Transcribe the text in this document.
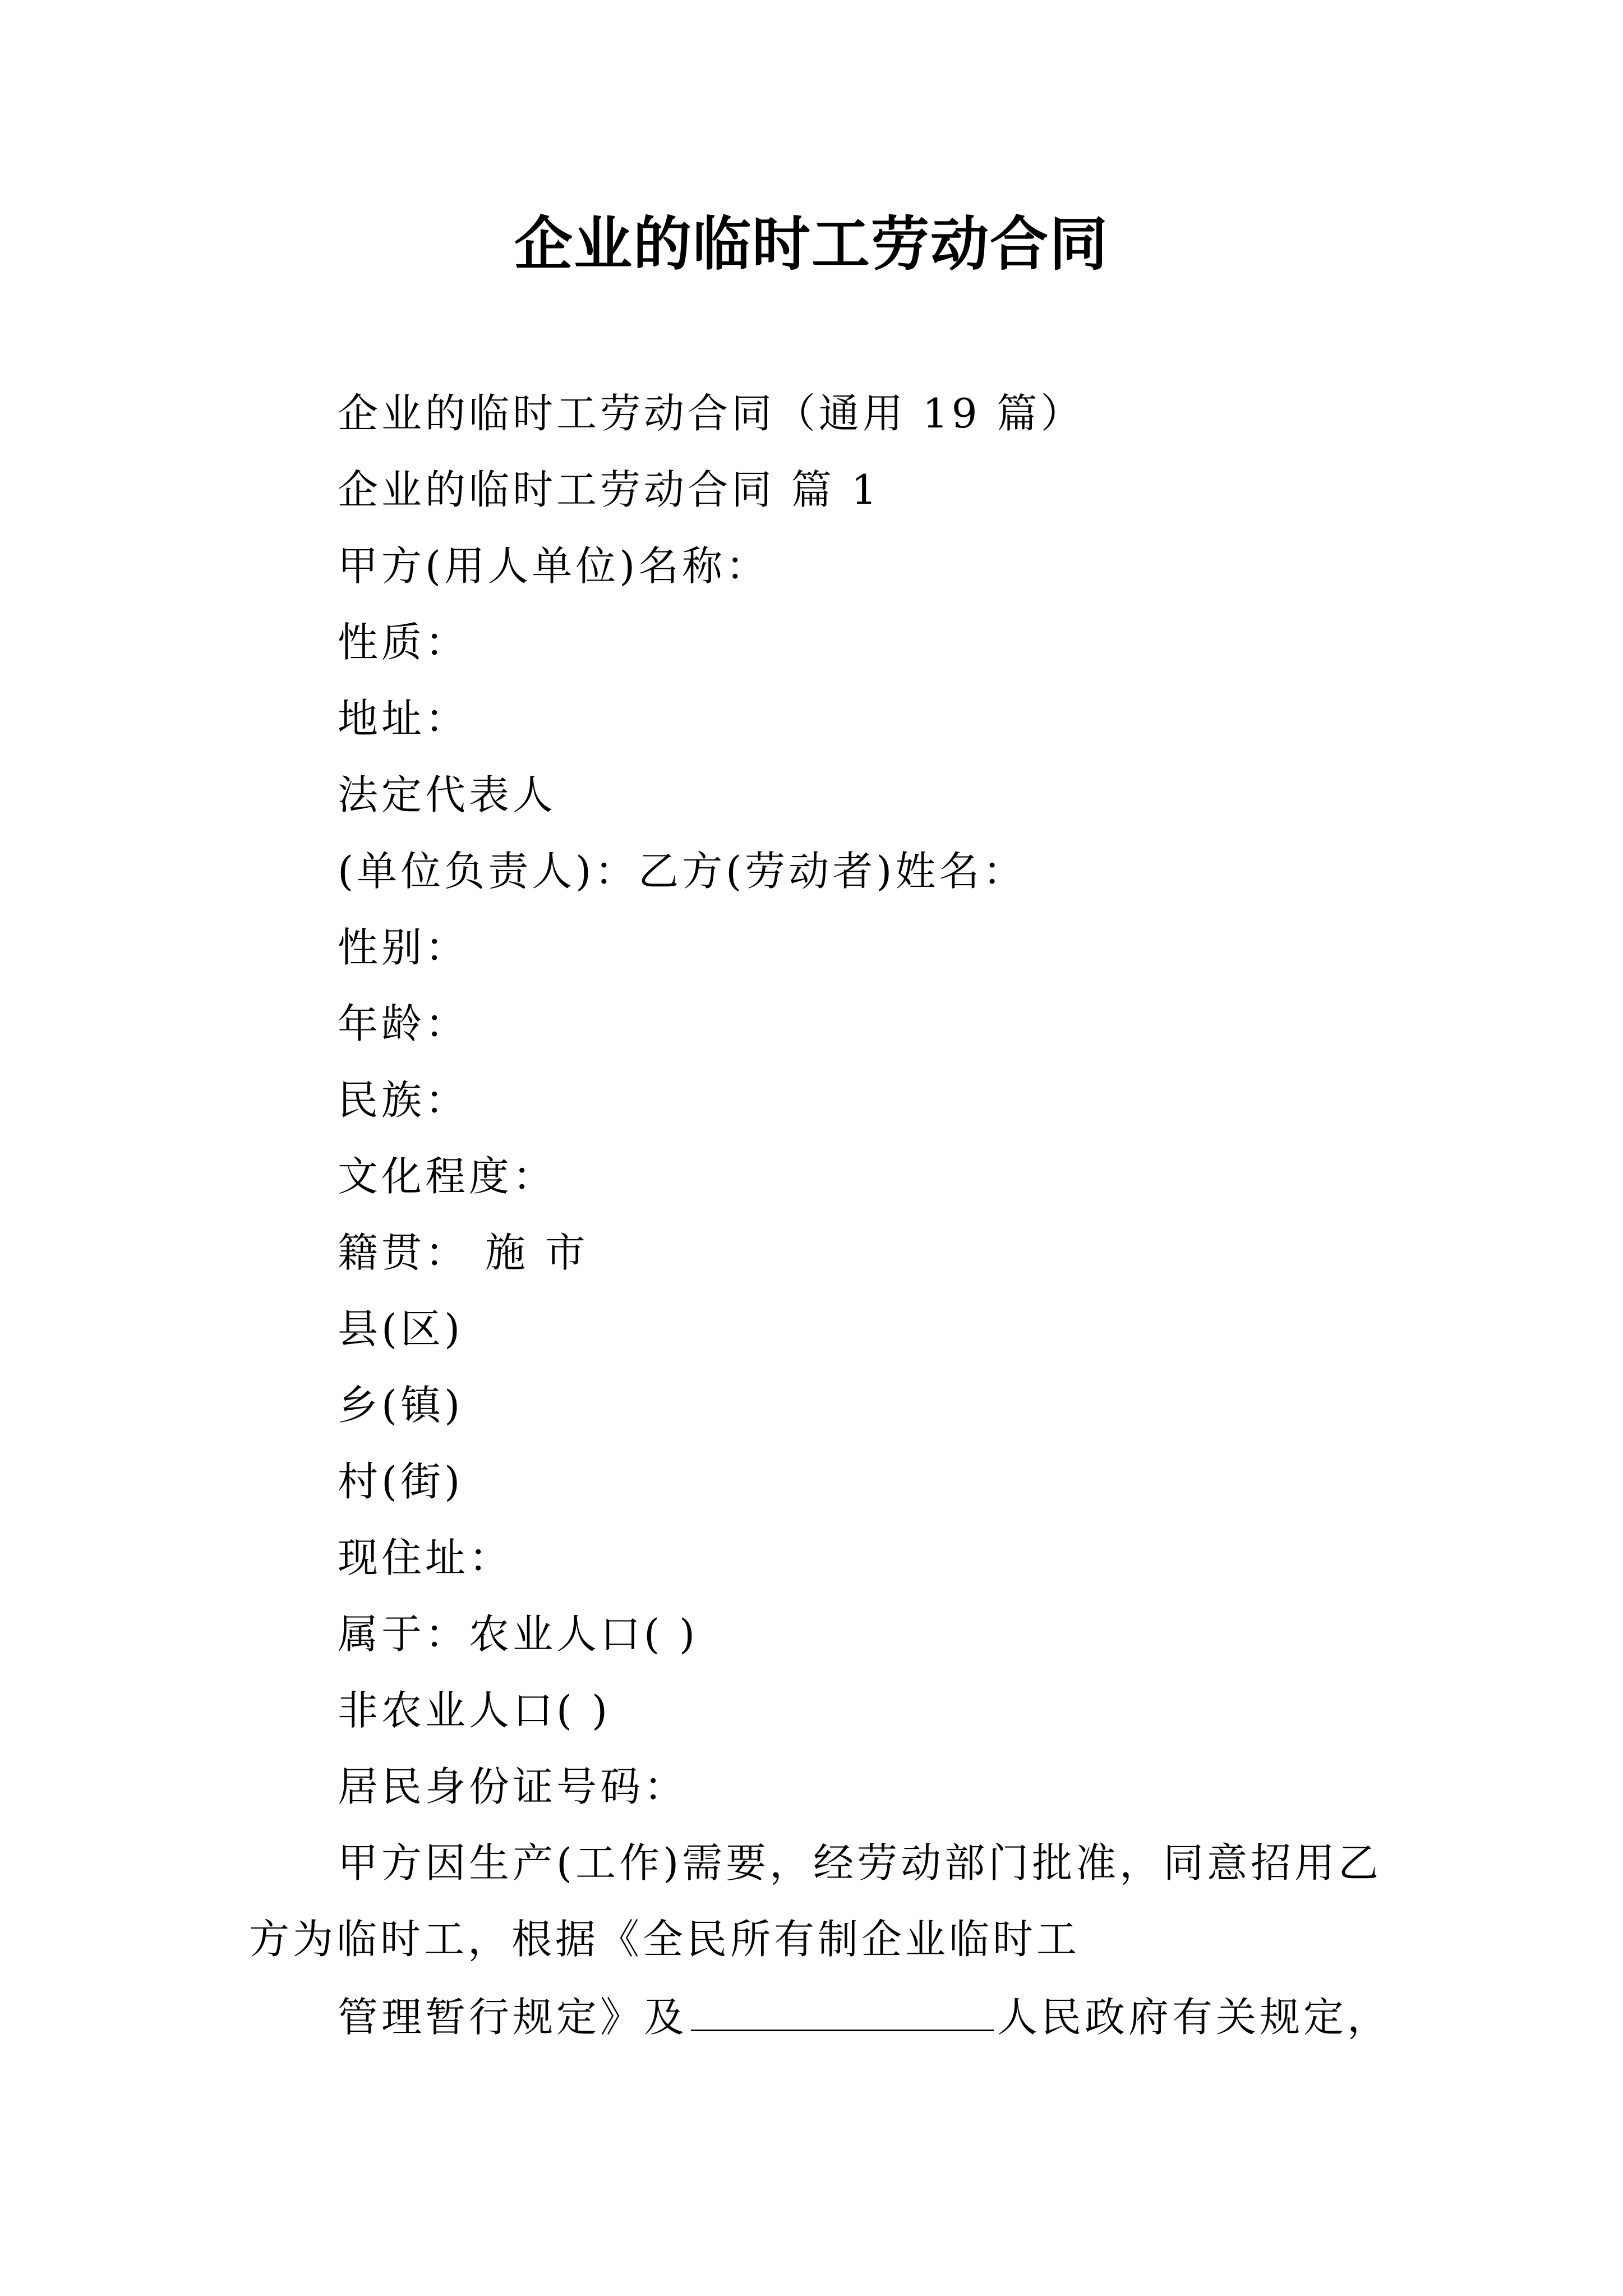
企业的临时工劳动合同
企业的临时工劳动合同（通用 19 篇）
企业的临时工劳动合同 篇 1
甲方(用人单位)名称：
性质：
地址：
法定代表人
(单位负责人)：乙方(劳动者)姓名：
性别：
年龄：
民族：
文化程度：
籍贯： 施 市
县(区)
乡(镇)
村(街)
现住址：
属于：农业人口( )
非农业人口( )
居民身份证号码：
甲方因生产(工作)需要，经劳动部门批准，同意招用乙
方为临时工，根据《全民所有制企业临时工
管理暂行规定》及	人民政府有关规定，
